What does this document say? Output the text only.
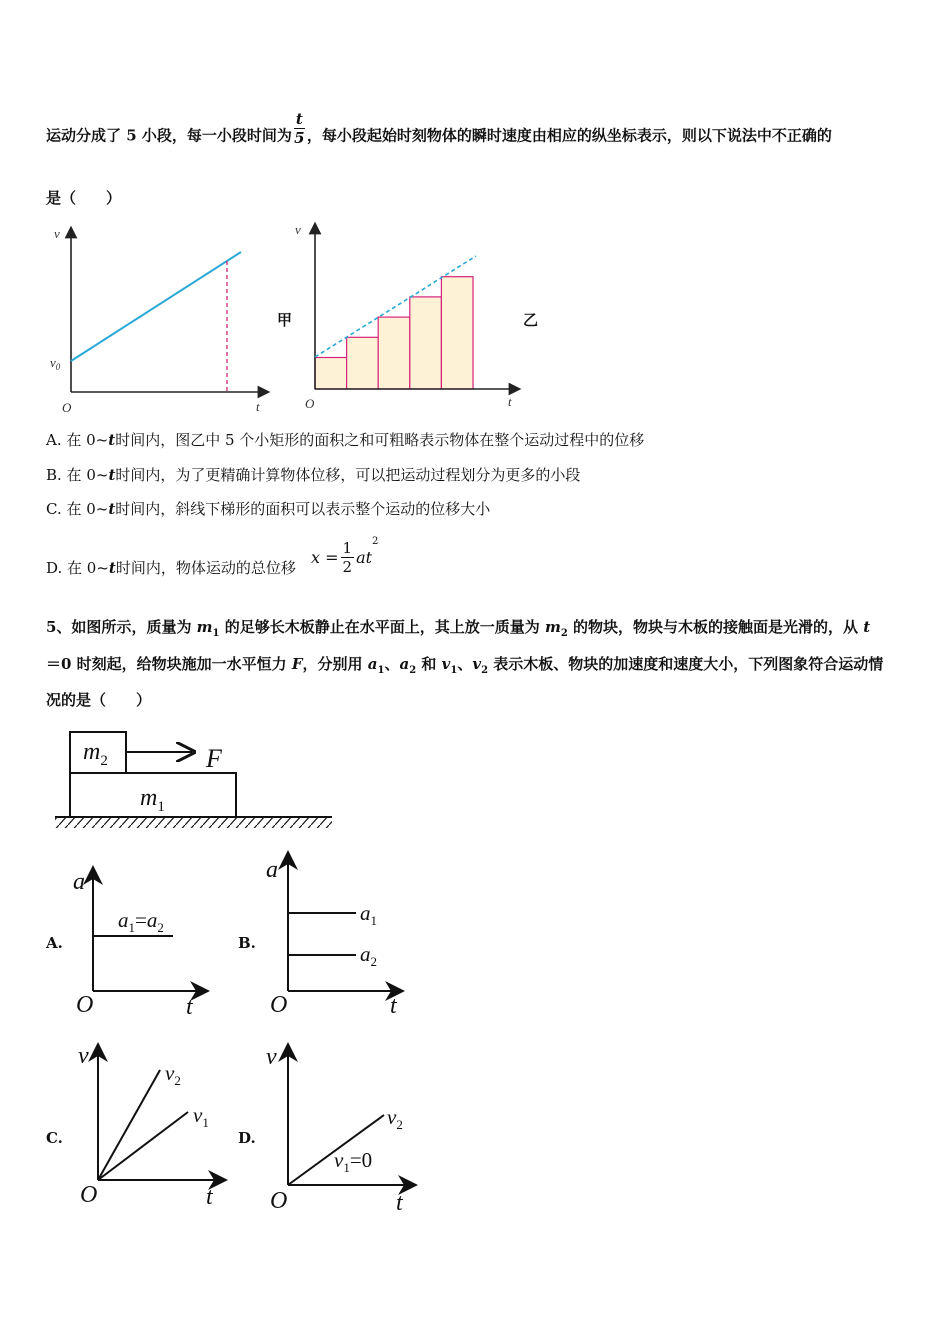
运动分成了 5 小段，每一小段时间为 $\frac{t}{5}$ ，每小段起始时刻物体的瞬时速度由相应的纵坐标表示，则以下说法中不正确的
是（　　）
v
$v_0$
O	t
甲
v
O	t
乙
A. 在 0~t时间内，图乙中 5 个小矩形的面积之和可粗略表示物体在整个运动过程中的位移
B. 在 0~t时间内，为了更精确计算物体位移，可以把运动过程划分为更多的小段
C. 在 0~t时间内，斜线下梯形的面积可以表示整个运动的位移大小
D. 在 0~t时间内，物体运动的总位移
$x = \frac{1}{2} at^2$
5、如图所示，质量为 $m_1$ 的足够长木板静止在水平面上，其上放一质量为 $m_2$ 的物块，物块与木板的接触面是光滑的，从 t
＝0 时刻起，给物块施加一水平恒力 F，分别用 $a_1$、$a_2$ 和 $v_1$、$v_2$ 表示木板、物块的加速度和速度大小，下列图象符合运动情
况的是（　　）
$m_2$
$m_1$
F
A.
a
O	t
$a_1=a_2$
B.
a
O	t
$a_1$
$a_2$
C.
v
O	t
$v_2$
$v_1$
D.
v
O	t
$v_2$
$v_1=0$
